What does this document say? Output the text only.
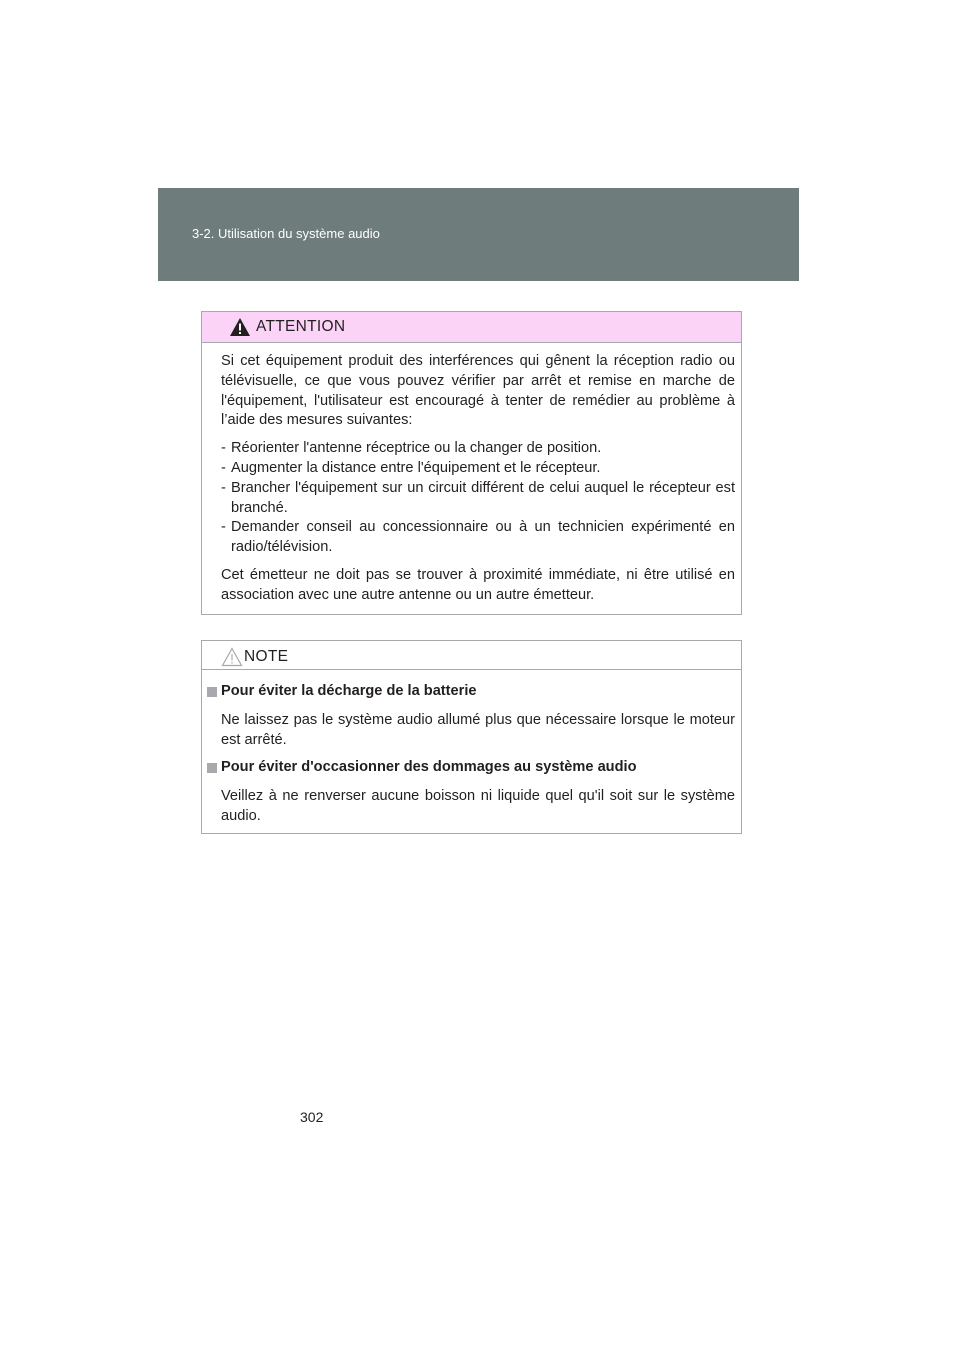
3-2. Utilisation du système audio
ATTENTION

Si cet équipement produit des interférences qui gênent la réception radio ou télévisuelle, ce que vous pouvez vérifier par arrêt et remise en marche de l'équipement, l'utilisateur est encouragé à tenter de remédier au problème à l’aide des mesures suivantes:

- Réorienter l'antenne réceptrice ou la changer de position.
- Augmenter la distance entre l'équipement et le récepteur.
- Brancher l'équipement sur un circuit différent de celui auquel le récepteur est branché.
- Demander conseil au concessionnaire ou à un technicien expérimenté en radio/télévision.

Cet émetteur ne doit pas se trouver à proximité immédiate, ni être utilisé en association avec une autre antenne ou un autre émetteur.

NOTE
Pour éviter la décharge de la batterie

Ne laissez pas le système audio allumé plus que nécessaire lorsque le moteur est arrêté.

Pour éviter d'occasionner des dommages au système audio

Veillez à ne renverser aucune boisson ni liquide quel qu'il soit sur le système audio.

302
